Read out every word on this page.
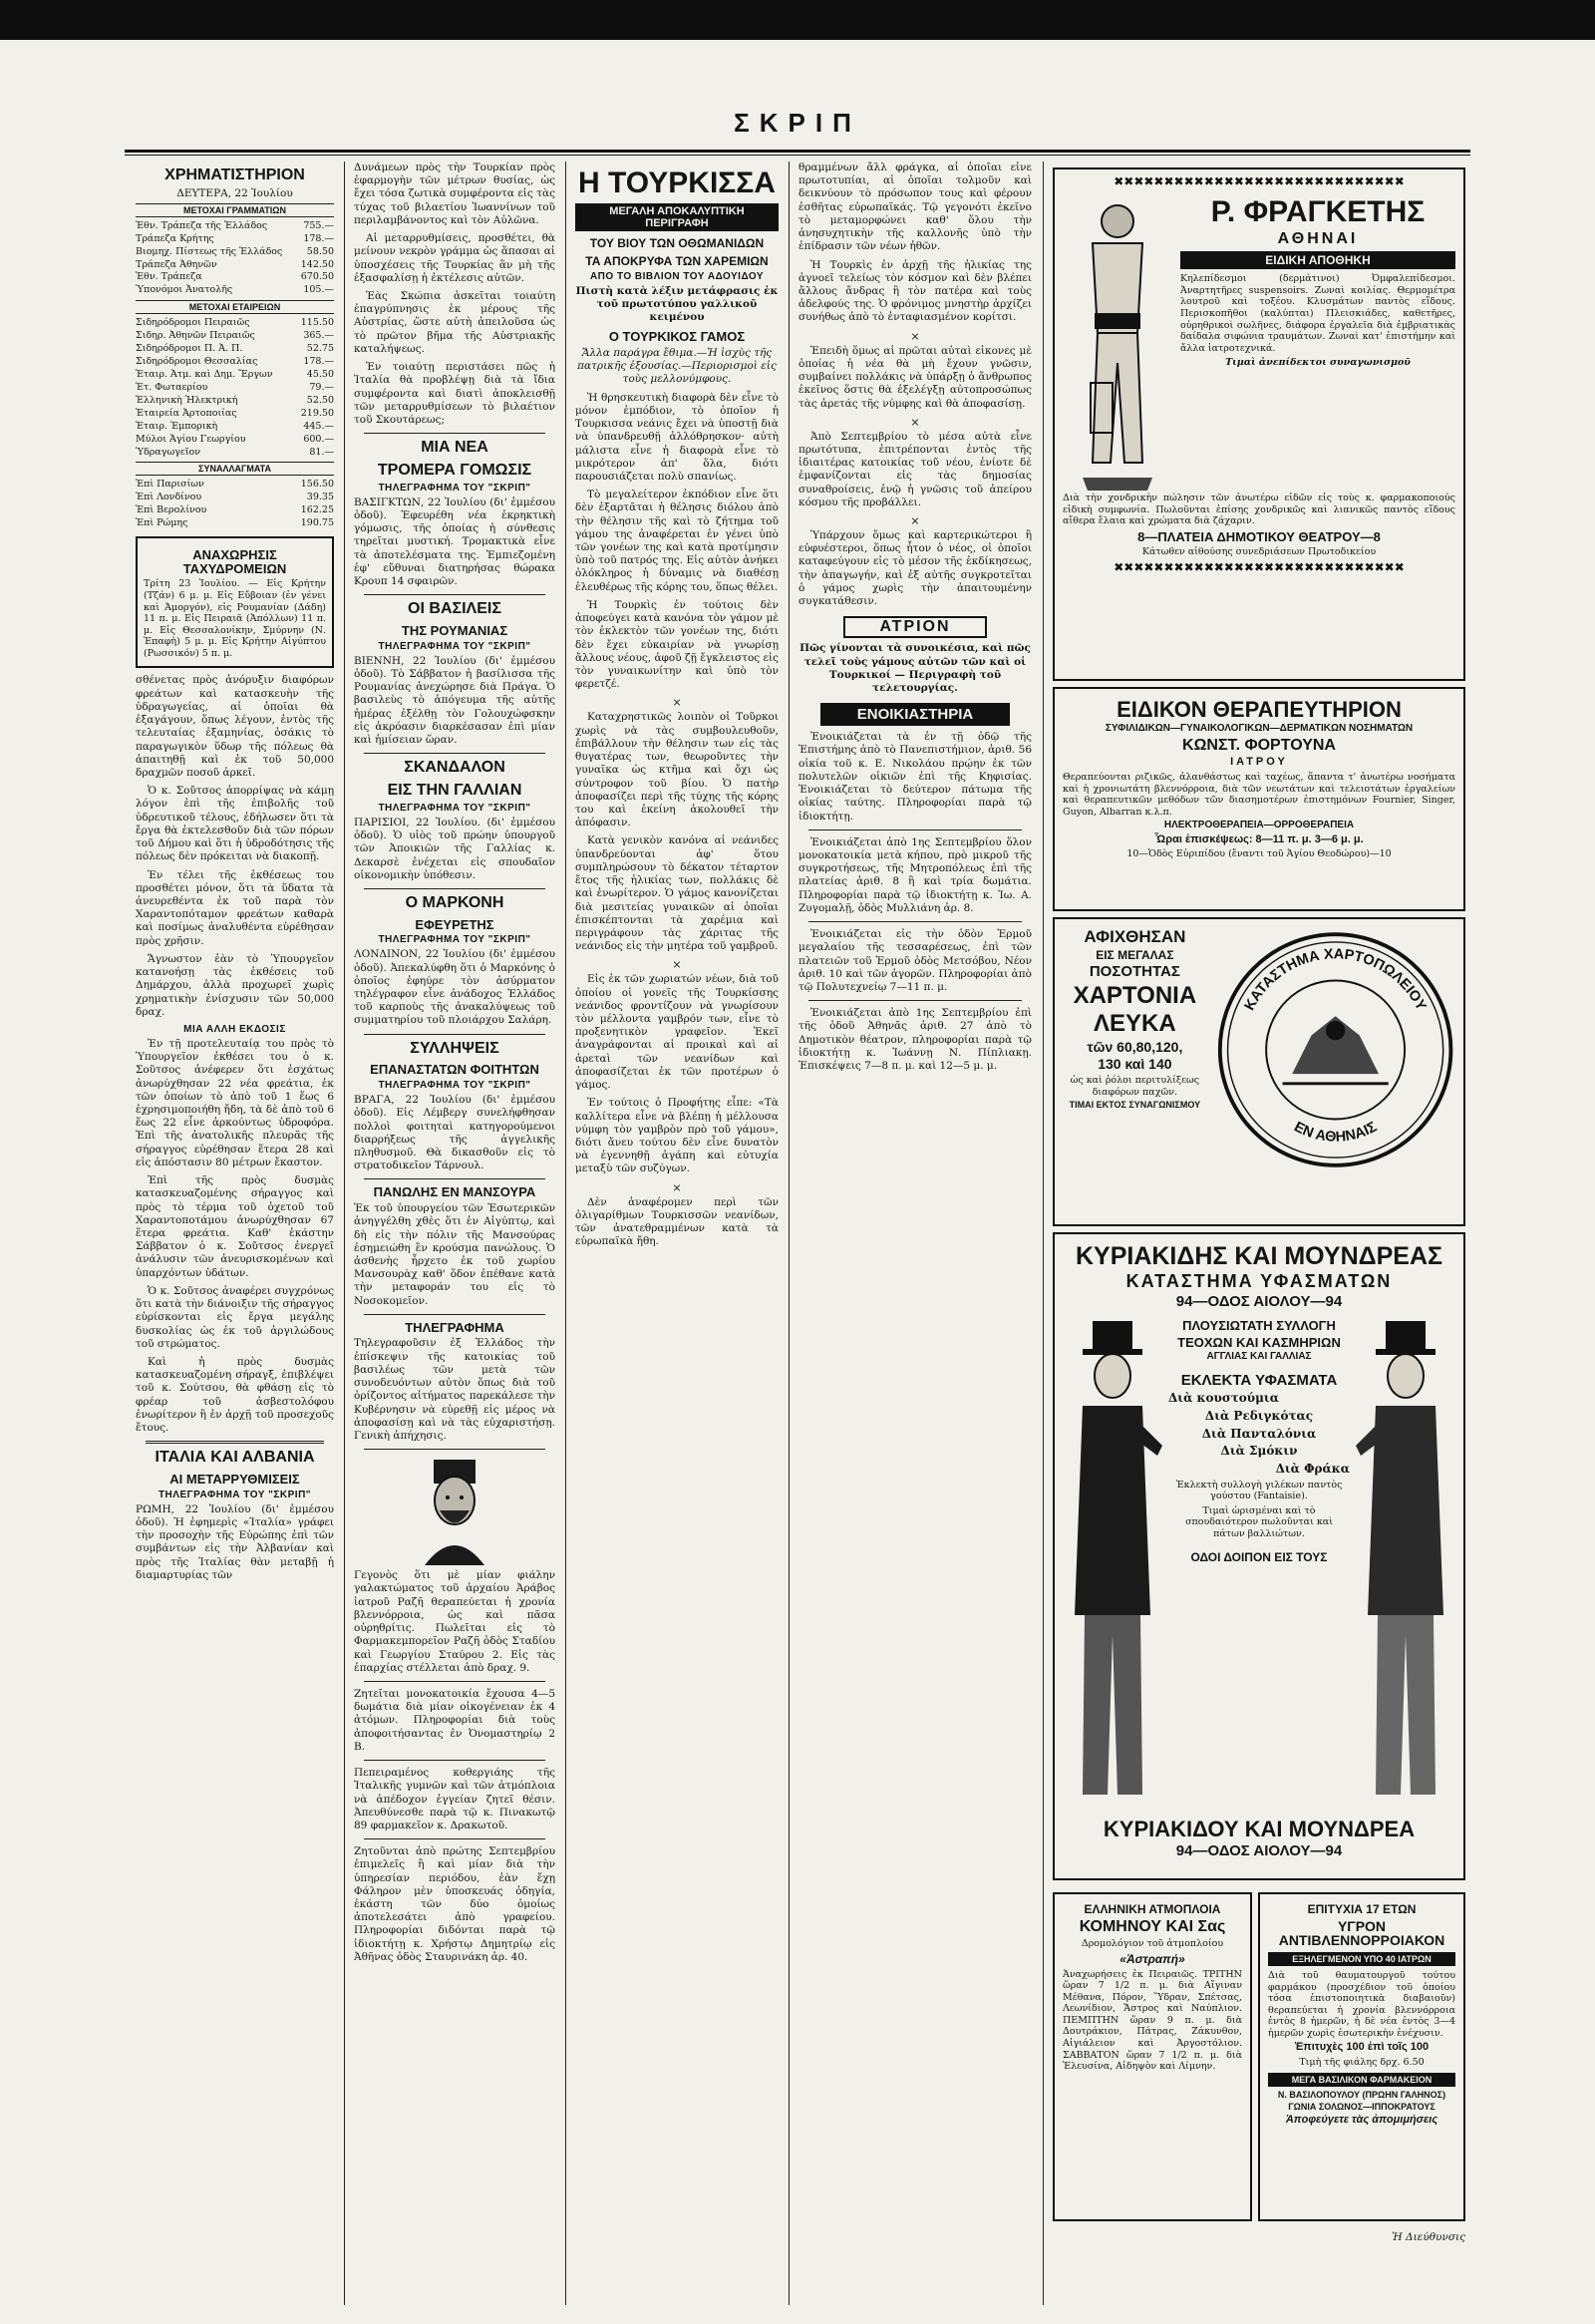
ΣΚΡΙΠ
ΧΡΗΜΑΤΙΣΤΗΡΙΟΝ
ΔΕΥΤΕΡΑ, 22 Ἰουλίου
ΜΕΤΟΧΑΙ ΓΡΑΜΜΑΤΙΩΝ
Ἐθν. Τράπεζα τῆς Ἑλλάδος	755.—
Τράπεζα Κρήτης	178.—
Βιομηχ. Πίστεως τῆς Ἑλλάδος	58.50
Τράπεζα Ἀθηνῶν	142.50
Ἐθν. Τράπεζα	670.50
Ὑπονόμοι Ἀνατολῆς	105.—
ΜΕΤΟΧΑΙ ΕΤΑΙΡΕΙΩΝ
Σιδηρόδρομοι Πειραιῶς	115.50
Σιδηρ. Ἀθηνῶν Πειραιῶς	365.—
Σιδηρόδρομοι Π. Ἀ. Π.	52.75
Σιδηρόδρομοι Θεσσαλίας	178.—
Ἑταιρ. Ἀτμ. καὶ Δημ. Ἔργων	45.50
Ἑτ. Φωταερίου	79.—
Ἑλληνικὴ Ἠλεκτρική	52.50
Ἑταιρεία Ἀρτοποιίας	219.50
Ἑταιρ. Ἐμπορικὴ	445.—
Μύλοι Ἀγίου Γεωργίου	600.—
Ὑδραγωγεῖον	81.—
ΣΥΝΑΛΛΑΓΜΑΤΑ
Ἐπὶ Παρισίων	156.50
Ἐπὶ Λονδίνου	39.35
Ἐπὶ Βερολίνου	162.25
Ἐπὶ Ρώμης	190.75
ΑΝΑΧΩΡΗΣΙΣ ΤΑΧΥΔΡΟΜΕΙΩΝ

Τρίτη 23 Ἰουλίου. — Εἰς Κρήτην (Τζάν) 6 μ. μ. Εἰς Εὔβοιαν (ἐν γένει καὶ Ἀμοργόν), εἰς Ρουμανίαν (Δάδη) 11 π. μ. Εἰς Πειραιᾶ (Ἀπόλλων) 11 π. μ. Εἰς Θεσσαλονίκην, Σμύρνην (Ν. Ἐπαφὴ) 5 μ. μ. Εἰς Κρήτην Αἰγύπτου (Ρωσσικόν) 5 π. μ.

σθένετας πρὸς ἀνόρυξιν διαφόρων φρεάτων καὶ κατασκευὴν τῆς ὑδραγωγείας, αἱ ὁποῖαι θὰ ἐξαγάγουν, ὅπως λέγουν, ἐντὸς τῆς τελευταίας ἑξαμηνίας, ὁσάκις τὸ παραγωγικὸν ὕδωρ τῆς πόλεως θὰ ἀπαιτηθῇ καὶ ἐκ τοῦ 50,000 δραχμῶν ποσοῦ ἀρκεῖ.

Ὁ κ. Σοῦτσος ἀπορρίψας νὰ κάμῃ λόγον ἐπὶ τῆς ἐπιβολῆς τοῦ ὑδρευτικοῦ τέλους, ἐδήλωσεν ὅτι τὰ ἔργα θὰ ἐκτελεσθοῦν διὰ τῶν πόρων τοῦ Δήμου καὶ ὅτι ἡ ὑδροδότησις τῆς πόλεως δὲν πρόκειται νὰ διακοπῇ.

Ἐν τέλει τῆς ἐκθέσεως του προσθέτει μόνον, ὅτι τὰ ὕδατα τὰ ἀνευρεθέντα ἐκ τοῦ παρὰ τὸν Χαραντοπόταμον φρεάτων καθαρὰ καὶ ποσίμως ἀναλυθέντα εὑρέθησαν πρὸς χρῆσιν.

Ἄγνωστον ἐὰν τὸ Ὑπουργεῖον κατανοήσῃ τὰς ἐκθέσεις τοῦ Δημάρχου, ἀλλὰ προχωρεῖ χωρὶς χρηματικὴν ἐνίσχυσιν τῶν 50,000 δραχ.

ΜΙΑ ΑΛΛΗ ΕΚΔΟΣΙΣ

Ἐν τῇ προτελευταίᾳ του πρὸς τὸ Ὑπουργεῖον ἐκθέσει του ὁ κ. Σοῦτσος ἀνέφερεν ὅτι ἐσχάτως ἀνωρύχθησαν 22 νέα φρεάτια, ἐκ τῶν ὁποίων τὸ ἀπὸ τοῦ 1 ἕως 6 ἐχρησιμοποιήθη ἤδη, τὰ δὲ ἀπὸ τοῦ 6 ἕως 22 εἶνε ἀρκούντως ὑδροφόρα. Ἐπὶ τῆς ἀνατολικῆς πλευρᾶς τῆς σήραγγος εὑρέθησαν ἕτερα 28 καὶ εἰς ἀπόστασιν 80 μέτρων ἔκαστον.

Ἐπὶ τῆς πρὸς δυσμὰς κατασκευαζομένης σήραγγος καὶ πρὸς τὸ τέρμα τοῦ ὀχετοῦ τοῦ Χαραντοποτάμου ἀνωρύχθησαν 67 ἕτερα φρεάτια. Καθ' ἑκάστην Σάββατον ὁ κ. Σοῦτσος ἐνεργεῖ ἀνάλυσιν τῶν ἀνευρισκομένων καὶ ὑπαρχόντων ὑδάτων.

Ὁ κ. Σοῦτσος ἀναφέρει συγχρόνως ὅτι κατὰ τὴν διάνοιξιν τῆς σήραγγος εὑρίσκονται εἰς ἔργα μεγάλης δυσκολίας ὡς ἐκ τοῦ ἀργιλώδους τοῦ στρώματος.

Καὶ ἡ πρὸς δυσμὰς κατασκευαζομένη σήραγξ, ἐπιβλέψει τοῦ κ. Σούτσου, θὰ φθάσῃ εἰς τὸ φρέαρ τοῦ ἀσβεστολόφου ἐνωρίτερον ἢ ἐν ἀρχῇ τοῦ προσεχοῦς ἔτους.

ΙΤΑΛΙΑ ΚΑΙ ΑΛΒΑΝΙΑ
ΑΙ ΜΕΤΑΡΡΥΘΜΙΣΕΙΣ
ΤΗΛΕΓΡΑΦΗΜΑ ΤΟΥ "ΣΚΡΙΠ"

ΡΩΜΗ, 22 Ἰουλίου (δι' ἐμμέσου ὁδοῦ). Ἡ ἐφημερὶς «Ἰταλία» γράφει τὴν προσοχὴν τῆς Εὐρώπης ἐπὶ τῶν συμβάντων εἰς τὴν Ἀλβανίαν καὶ πρὸς τῆς Ἰταλίας θὰν μεταβῇ ἡ διαμαρτυρίας τῶν

Δυνάμεων πρὸς τὴν Τουρκίαν πρὸς ἐφαρμογὴν τῶν μέτρων θυσίας, ὡς ἔχει τόσα ζωτικὰ συμφέροντα εἰς τὰς τύχας τοῦ βιλαετίου Ἰωαννίνων τοῦ περιλαμβάνοντος καὶ τὸν Αὐλῶνα.

Αἱ μεταρρυθμίσεις, προσθέτει, θὰ μείνουν νεκρὸν γράμμα ὡς ἅπασαι αἱ ὑποσχέσεις τῆς Τουρκίας ἂν μὴ τῆς ἐξασφαλίσῃ ἡ ἐκτέλεσις αὐτῶν.

Ἐὰς Σκώπια ἀσκεῖται τοιαύτη ἐπαγρύπνησις ἐκ μέρους τῆς Αὐστρίας, ὥστε αὐτὴ ἀπειλοῦσα ὡς τὸ πρῶτον βῆμα τῆς Αὐστριακῆς καταλήψεως.

Ἐν τοιαύτῃ περιστάσει πῶς ἡ Ἰταλία θὰ προβλέψῃ διὰ τὰ ἴδια συμφέροντα καὶ διατὶ ἀποκλεισθῇ τῶν μεταρρυθμίσεων τὸ βιλαέτιον τοῦ Σκουτάρεως;

ΜΙΑ ΝΕΑ
ΤΡΟΜΕΡΑ ΓΟΜΩΣΙΣ
ΤΗΛΕΓΡΑΦΗΜΑ ΤΟΥ "ΣΚΡΙΠ"

ΒΑΣΙΓΚΤΩΝ, 22 Ἰουλίου (δι' ἐμμέσου ὁδοῦ). Ἐφευρέθη νέα ἐκρηκτικὴ γόμωσις, τῆς ὁποίας ἡ σύνθεσις τηρεῖται μυστική. Τρομακτικὰ εἶνε τὰ ἀποτελέσματα της. Ἐμπιεζομένη ἐφ' εὔθυναι διατηρήσας θώρακα Κρουπ 14 σφαιρῶν.

ΟΙ ΒΑΣΙΛΕΙΣ
ΤΗΣ ΡΟΥΜΑΝΙΑΣ
ΤΗΛΕΓΡΑΦΗΜΑ ΤΟΥ "ΣΚΡΙΠ"

ΒΙΕΝΝΗ, 22 Ἰουλίου (δι' ἐμμέσου ὁδοῦ). Τὸ Σάββατον ἡ βασίλισσα τῆς Ρουμανίας ἀνεχώρησε διὰ Πράγα. Ὁ βασιλεὺς τὸ ἀπόγευμα τῆς αὐτῆς ἡμέρας ἐξέλθῃ τὸν Γολουχώφσκην εἰς ἀκρόασιν διαρκέσασαν ἐπὶ μίαν καὶ ἡμίσειαν ὥραν.

ΣΚΑΝΔΑΛΟΝ
ΕΙΣ ΤΗΝ ΓΑΛΛΙΑΝ
ΤΗΛΕΓΡΑΦΗΜΑ ΤΟΥ "ΣΚΡΙΠ"

ΠΑΡΙΣΙΟΙ, 22 Ἰουλίου. (δι' ἐμμέσου ὁδοῦ). Ὁ υἱὸς τοῦ πρώην ὑπουργοῦ τῶν Ἀποικιῶν τῆς Γαλλίας κ. Δεκαρσὲ ἐνέχεται εἰς σπουδαῖον οἰκονομικὴν ὑπόθεσιν.

Ο ΜΑΡΚΟΝΗ
ΕΦΕΥΡΕΤΗΣ
ΤΗΛΕΓΡΑΦΗΜΑ ΤΟΥ "ΣΚΡΙΠ"

ΛΟΝΔΙΝΟΝ, 22 Ἰουλίου (δι' ἐμμέσου ὁδοῦ). Ἀπεκαλύφθη ὅτι ὁ Μαρκόνης ὁ ὁποῖος ἐφηύρε τὸν ἀσύρματον τηλέγραφον εἶνε ἀνάδοχος Ἑλλάδος τοῦ καρποὺς τῆς ἀνακαλύψεως τοῦ συμματηρίου τοῦ πλοιάρχου Σαλάρη.

ΣΥΛΛΗΨΕΙΣ
ΕΠΑΝΑΣΤΑΤΩΝ ΦΟΙΤΗΤΩΝ
ΤΗΛΕΓΡΑΦΗΜΑ ΤΟΥ "ΣΚΡΙΠ"

ΒΡΑΓΑ, 22 Ἰουλίου (δι' ἐμμέσου ὁδοῦ). Εἰς Λέμβεργ συνελήφθησαν πολλοὶ φοιτηταὶ κατηγορούμενοι διαρρήξεως τῆς ἀγγελικῆς πληθυσμοῦ. Θὰ δικασθοῦν εἰς τὸ στρατοδικεῖον Τάρνουλ.

ΠΑΝΩΛΗΣ ΕΝ ΜΑΝΣΟΥΡΑ

Ἐκ τοῦ ὑπουργείου τῶν Ἐσωτερικῶν ἀνηγγέλθη χθὲς ὅτι ἐν Αἰγύπτῳ, καὶ δὴ εἰς τὴν πόλιν τῆς Μανσούρας ἐσημειώθη ἓν κρούσμα πανώλους. Ὁ ἀσθενὴς ἦρχετο ἐκ τοῦ χωρίου Μανσουρὰχ καθ' ὅδον ἐπέθανε κατὰ τὴν μεταφοράν του εἰς τὸ Νοσοκομεῖον.

ΤΗΛΕΓΡΑΦΗΜΑ

Τηλεγραφοῦσιν ἐξ Ἑλλάδος τὴν ἐπίσκεψιν τῆς κατοικίας τοῦ βασιλέως τῶν μετὰ τῶν συνοδευόντων αὐτὸν ὅπως διὰ τοῦ ὁρίζοντος αἰτήματος παρεκάλεσε τὴν Κυβέρνησιν νὰ εὑρεθῇ εἰς μέρος νὰ ἀποφασίσῃ καὶ νὰ τὰς εὐχαριστήσῃ. Γενικὴ ἀπήχησις.

Γεγονὸς ὅτι μὲ μίαν φιάλην γαλακτώματος τοῦ ἀρχαίου Ἀράβος ἰατροῦ Ραζῆ θεραπεύεται ἡ χρονία βλεννόρροια, ὡς καὶ πᾶσα οὐρηθρίτις. Πωλεῖται εἰς τὸ Φαρμακεμπορεῖον Ραζῆ ὁδὸς Σταδίου καὶ Γεωργίου Σταύρου 2. Εἰς τὰς ἐπαρχίας στέλλεται ἀπὸ δραχ. 9.

Ζητεῖται μονοκατοικία ἔχουσα 4—5 δωμάτια διὰ μίαν οἰκογένειαν ἐκ 4 ἀτόμων. Πληροφορίαι διὰ τοὺς ἀποφοιτήσαντας ἐν Ὀνομαστηρίῳ 2 Β.

Πεπειραμένος κοθεργιάης τῆς Ἰταλικῆς γυμνῶν καὶ τῶν ἀτμόπλοια νὰ ἀπέδοχον ἐγγείαν ζητεῖ θέσιν. Ἀπευθύνεσθε παρὰ τῷ κ. Πινακωτῷ 89 φαρμακεῖον κ. Δρακωτοῦ.

Ζητοῦνται ἀπὸ πρώτης Σεπτεμβρίου ἐπιμελεῖς ἢ καὶ μίαν διὰ τὴν ὑπηρεσίαν περιόδου, ἐὰν ἔχῃ Φάληρον μὲν ὑποσκευάς ὁδηγία, ἐκάστη τῶν δύο ὁμοίως ἀποτελεσάτει ἀπὸ γραφείου. Πληροφορίαι διδόνται παρὰ τῷ ἰδιοκτήτῃ κ. Χρήστῳ Δημητρίῳ εἰς Ἀθῆνας ὁδὸς Σταυρινάκη ἀρ. 40.

Η ΤΟΥΡΚΙΣΣΑ
ΜΕΓΑΛΗ ΑΠΟΚΑΛΥΠΤΙΚΗ ΠΕΡΙΓΡΑΦΗ
ΤΟΥ ΒΙΟΥ ΤΩΝ ΟΘΩΜΑΝΙΔΩΝ
ΤΑ ΑΠΟΚΡΥΦΑ ΤΩΝ ΧΑΡΕΜΙΩΝ
ΑΠΟ ΤΟ ΒΙΒΛΙΟΝ ΤΟΥ ΑΔΟΥΙΔΟΥ

Πιστὴ κατὰ λέξιν μετάφρασις ἐκ τοῦ πρωτοτύπου γαλλικοῦ κειμένου

Ο ΤΟΥΡΚΙΚΟΣ ΓΑΜΟΣ

Ἄλλα παράγρα ἔθιμα.—Ἡ ἰσχὺς τῆς πατρικῆς ἐξουσίας.—Περιορισμοὶ εἰς τοὺς μελλονύμφους.

Ἡ θρησκευτικὴ διαφορὰ δὲν εἶνε τὸ μόνον ἐμπόδιον, τὸ ὁποῖον ἡ Τουρκισσα νεάνις ἔχει νὰ ὑποστῇ διὰ νὰ ὑπανδρευθῇ ἀλλόθρησκον· αὐτὴ μάλιστα εἶνε ἡ διαφορὰ εἶνε τὸ μικρότερον ἀπ' ὅλα, διότι παρουσιάζεται πολὺ σπανίως.

Τὸ μεγαλείτερον ἐκπόδιον εἶνε ὅτι δὲν ἐξαρτᾶται ἡ θέλησις διόλου ἀπὸ τὴν θέλησιν τῆς καὶ τὸ ζήτημα τοῦ γάμου της ἀναφέρεται ἐν γένει ὑπὸ τῶν γονέων της καὶ κατὰ προτίμησιν ὑπὸ τοῦ πατρός της. Εἰς αὐτὸν ἀνήκει ὁλόκληρος ἡ δύναμις νὰ διαθέσῃ ἐλευθέρως τῆς κόρης του, ὅπως θέλει.

Ἡ Τουρκὶς ἐν τούτοις δὲν ἀποφεύγει κατὰ κανόνα τὸν γάμον μὲ τὸν ἐκλεκτὸν τῶν γονέων της, διότι δὲν ἔχει εὐκαιρίαν νὰ γνωρίσῃ ἄλλους νέους, ἀφοῦ ζῇ ἔγκλειστος εἰς τὸν γυναικωνίτην καὶ ὑπὸ τὸν φερετζέ.

×

Καταχρηστικῶς λοιπὸν οἱ Τοῦρκοι χωρὶς νὰ τὰς συμβουλευθοῦν, ἐπιβάλλουν τὴν θέλησιν των εἰς τὰς θυγατέρας των, θεωροῦντες τὴν γυναῖκα ὡς κτῆμα καὶ ὄχι ὡς σύντροφον τοῦ βίου. Ὁ πατὴρ ἀποφασίζει περὶ τῆς τύχης τῆς κόρης του καὶ ἐκείνη ἀκολουθεῖ τὴν ἀπόφασιν.

Κατὰ γενικὸν κανόνα αἱ νεάνιδες ὑπανδρεύονται ἀφ' ὅτου συμπληρώσουν τὸ δέκατον τέταρτον ἔτος τῆς ἡλικίας των, πολλάκις δὲ καὶ ἐνωρίτερον. Ὁ γάμος κανονίζεται διὰ μεσιτείας γυναικῶν αἱ ὁποῖαι ἐπισκέπτονται τὰ χαρέμια καὶ περιγράφουν τὰς χάριτας τῆς νεάνιδος εἰς τὴν μητέρα τοῦ γαμβροῦ.

×

Εἰς ἐκ τῶν χωριατών νέων, διὰ τοῦ ὁποίου οἱ γονεῖς τῆς Τουρκίσσης νεάνιδος φροντίζουν νὰ γνωρίσουν τὸν μέλλοντα γαμβρόν των, εἶνε τὸ προξενητικὸν γραφεῖον. Ἐκεῖ ἀναγράφονται αἱ προικαὶ καὶ αἱ ἀρεταὶ τῶν νεανίδων καὶ ἀποφασίζεται ἐκ τῶν προτέρων ὁ γάμος.

Ἐν τούτοις ὁ Προφήτης εἶπε: «Τὰ καλλίτερα εἶνε νὰ βλέπῃ ἡ μέλλουσα νύμφη τὸν γαμβρὸν πρὸ τοῦ γάμου», διότι ἄνευ τούτου δὲν εἶνε δυνατὸν νὰ ἐγεννηθῇ ἀγάπη καὶ εὐτυχία μεταξὺ τῶν συζύγων.

×

Δὲν ἀναφέρομεν περὶ τῶν ὀλιγαρίθμων Τουρκισσῶν νεανίδων, τῶν ἀνατεθραμμένων κατὰ τὰ εὐρωπαϊκὰ ἤθη.

θραμμένων ἄλλ φράγκα, αἱ ὁποῖαι εἶνε πρωτοτυπίαι, αἱ ὁποῖαι τολμοῦν καὶ δεικνύουν τὸ πρόσωπον τους καὶ φέρουν ἐσθῆτας εὐρωπαϊκάς. Τῷ γεγονότι ἐκεῖνο τὸ μεταμορφώνει καθ' ὅλου τὴν ἀνησυχητικὴν τῆς καλλονῆς ὑπὸ τὴν ἐπίδρασιν τῶν νέων ἠθῶν.

Ἡ Τουρκὶς ἐν ἀρχῇ τῆς ἡλικίας της ἀγνοεῖ τελείως τὸν κόσμον καὶ δὲν βλέπει ἄλλους ἄνδρας ἢ τὸν πατέρα καὶ τοὺς ἀδελφούς της. Ὁ φρόνιμος μνηστὴρ ἀρχίζει συνήθως ἀπὸ τὸ ἐνταφιασμένον κορίτσι.

×

Ἐπειδὴ ὅμως αἱ πρῶται αὐταὶ εἰκονες μὲ ὁποίας ἡ νέα θὰ μὴ ἔχουν γνῶσιν, συμβαίνει πολλάκις νὰ ὑπάρξῃ ὁ ἄνθρωπος ἐκεῖνος ὅστις θὰ ἐξελέγξῃ αὐτοπροσώπως τὰς ἀρετάς τῆς νύμφης καὶ θὰ ἀποφασίσῃ.

×

Ἀπὸ Σεπτεμβρίου τὸ μέσα αὐτὰ εἶνε πρωτότυπα, ἐπιτρέπονται ἐντὸς τῆς ἰδιαιτέρας κατοικίας τοῦ νέου, ἐνίοτε δὲ ἐμφανίζονται εἰς τὰς δημοσίας συναθροίσεις, ἐνῷ ἡ γνῶσις τοῦ ἀπείρου κόσμου τῆς προβάλλει.

×

Ὑπάρχουν ὅμως καὶ καρτερικώτεροι ἢ εὐφυέστεροι, ὅπως ἦτον ὁ νέος, οἱ ὁποῖοι καταφεύγουν εἰς τὸ μέσον τῆς ἐκδίκησεως, τὴν ἀπαγωγήν, καὶ ἐξ αὐτῆς συγκροτεῖται ὁ γάμος χωρὶς τὴν ἀπαιτουμένην συγκατάθεσιν.

ΑΤΡΙΟΝ

Πῶς γίνονται τὰ συνοικέσια, καὶ πῶς τελεῖ τοὺς γάμους αὐτῶν τῶν καὶ οἱ Τουρκικοί — Περιγραφὴ τοῦ τελετουργίας.

ΕΝΟΙΚΙΑΣΤΗΡΙΑ

Ἐνοικιάζεται τὰ ἐν τῇ ὁδῷ τῆς Ἐπιστήμης ἀπὸ τὸ Πανεπιστήμιον, ἀριθ. 56 οἰκία τοῦ κ. Ε. Νικολάου πρῴην ἐκ τῶν πολυτελῶν οἰκιῶν ἐπὶ τῆς Κηφισίας. Ἐνοικιάζεται τὸ δεύτερον πάτωμα τῆς οἰκίας ταύτης. Πληροφορίαι παρὰ τῷ ἰδιοκτήτῃ.

Ἐνοικιάζεται ἀπὸ 1ης Σεπτεμβρίου ὅλον μονοκατοικία μετὰ κήπου, πρὸ μικροῦ τῆς συγκροτήσεως, τῆς Μητροπόλεως ἐπὶ τῆς πλατείας ἀριθ. 8 ἢ καὶ τρία δωμάτια. Πληροφορίαι παρὰ τῷ ἰδιοκτήτῃ κ. Ἰω. Α. Ζυγομαλῇ, ὁδὸς Μυλλιάνη ἀρ. 8.

Ἐνοικιάζεται εἰς τὴν ὁδὸν Ἑρμοῦ μεγαλαίου τῆς τεσσαρέσεως, ἐπὶ τῶν πλατειῶν τοῦ Ἑρμοῦ ὁδὸς Μετσόβου, Νέον ἀριθ. 10 καὶ τῶν ἀγορῶν. Πληροφορίαι ἀπὸ τῷ Πολυτεχνείῳ 7—11 π. μ.

Ἐνοικιάζεται ἀπὸ 1ης Σεπτεμβρίου ἐπὶ τῆς ὁδοῦ Ἀθηνᾶς ἀριθ. 27 ἀπὸ τὸ Δημοτικὸν θέατρον, πληροφορίαι παρὰ τῷ ἰδιοκτήτῃ κ. Ἰωάννῃ Ν. Πίπλιακῃ. Ἐπισκέψεις 7—8 π. μ. καὶ 12—5 μ. μ.

✖✖✖✖✖✖✖✖✖✖✖✖✖✖✖✖✖✖✖✖✖✖✖✖✖✖✖✖✖
Ρ. ΦΡΑΓΚΕΤΗΣ
ΑΘΗΝΑΙ
ΕΙΔΙΚΗ ΑΠΟΘΗΚΗ

Κηλεπίδεσμοι (δερμάτινοι) Ὀμφαλεπίδεσμοι. Ἀναρτητῆρες suspensoirs. Ζωναὶ κοιλίας. Θερμομέτρα λουτροῦ καὶ τοξέου. Κλυσμάτων παντὸς εἴδους. Περισκοπῆθοι (καλύπται) Πλεισκιάδες, καθετῆρες, οὐρηθρικοὶ σωλῆνες, διάφορα ἐργαλεῖα διὰ ἐμβριατικὰς δαίδαλα σιφώνια τραυμάτων. Ζωναὶ κατ' ἐπιστήμην καὶ ἄλλα ἰατροτεχνικά.

Τιμαὶ ἀνεπίδεκτοι συναγωνισμοῦ

Διὰ τὴν χονδρικὴν πώλησιν τῶν ἀνωτέρω εἰδῶν εἰς τοὺς κ. φαρμακοποιούς εἰδικὴ συμφωνία. Πωλοῦνται ἐπίσης χονδρικῶς καὶ λιανικῶς παντὸς εἴδους αἴθερα ἔλαια καὶ χρώματα διὰ ζάχαριν.

8—ΠΛΑΤΕΙΑ ΔΗΜΟΤΙΚΟΥ ΘΕΑΤΡΟΥ—8

Κάτωθεν αἰθούσης συνεδριάσεων Πρωτοδικείου

✖✖✖✖✖✖✖✖✖✖✖✖✖✖✖✖✖✖✖✖✖✖✖✖✖✖✖✖✖
ΕΙΔΙΚΟΝ ΘΕΡΑΠΕΥΤΗΡΙΟΝ
ΣΥΦΙΛΙΔΙΚΩΝ—ΓΥΝΑΙΚΟΛΟΓΙΚΩΝ—ΔΕΡΜΑΤΙΚΩΝ ΝΟΣΗΜΑΤΩΝ
ΚΩΝΣΤ. ΦΟΡΤΟΥΝΑ
ΙΑΤΡΟΥ

Θεραπεύονται ριζικῶς, ἀλανθάστως καὶ ταχέως, ἅπαντα τ' ἀνωτέρω νοσήματα καὶ ἡ χρονιωτάτη βλεννόρροια, διὰ τῶν νεωτάτων καὶ τελειοτάτων ἐργαλείων καὶ θεραπευτικῶν μεθόδων τῶν διασημοτέρων ἐπιστημόνων Fournier, Singer, Guyon, Albarran κ.λ.π.

ΗΛΕΚΤΡΟΘΕΡΑΠΕΙΑ—ΟΡΡΟΘΕΡΑΠΕΙΑ
Ὧραι ἐπισκέψεως: 8—11 π. μ. 3—6 μ. μ.

10—Ὁδὸς Εὐριπίδου (ἔναντι τοῦ Ἁγίου Θεοδώρου)—10

ΑΦΙΧΘΗΣΑΝ
ΕΙΣ ΜΕΓΑΛΑΣ
ΠΟΣΟΤΗΤΑΣ
ΧΑΡΤΟΝΙΑ
ΛΕΥΚΑ
τῶν 60,80,120,
130 καὶ 140

ὡς καὶ ῥόλοι περιτυλίξεως διαφόρων παχῶν.

ΤΙΜΑΙ ΕΚΤΟΣ ΣΥΝΑΓΩΝΙΣΜΟΥ
ΚΑΤΑΣΤΗΜΑ ΧΑΡΤΟΠΩΛΕΙΟΥ
ΕΝ ΑΘΗΝΑΙΣ
ΚΥΡΙΑΚΙΔΗΣ ΚΑΙ ΜΟΥΝΔΡΕΑΣ
ΚΑΤΑΣΤΗΜΑ ΥΦΑΣΜΑΤΩΝ
94—ΟΔΟΣ ΑΙΟΛΟΥ—94
ΠΛΟΥΣΙΩΤΑΤΗ ΣΥΛΛΟΓΗ
ΤΕΟΧΩΝ ΚΑΙ ΚΑΣΜΗΡΙΩΝ
ΑΓΓΛΙΑΣ ΚΑΙ ΓΑΛΛΙΑΣ
ΕΚΛΕΚΤΑ ΥΦΑΣΜΑΤΑ

Διὰ κουστούμια

Διὰ Ρεδιγκότας

Διὰ Πανταλόνια

Διὰ Σμόκιν

Διὰ Φράκα

Ἐκλεκτὴ συλλογὴ γιλέκων παντὸς γούστου (Fantaisie).

Τιμαὶ ὡρισμέναι καὶ τὸ σπουδαιότερον πωλοῦνται καὶ πάτων βαλλιώτων.

ΟΔΟΙ ΔΟΙΠΟΝ ΕΙΣ ΤΟΥΣ
ΚΥΡΙΑΚΙΔΟΥ ΚΑΙ ΜΟΥΝΔΡΕΑ
94—ΟΔΟΣ ΑΙΟΛΟΥ—94
ΕΛΛΗΝΙΚΗ ΑΤΜΟΠΛΟΙΑ
ΚΟΜΗΝΟΥ ΚΑΙ Σας

Δρομολόγιον τοῦ ἀτμοπλοίου

«Ἀστραπή»

Ἀναχωρήσεις ἐκ Πειραιῶς. ΤΡΙΤΗΝ ὥραν 7 1/2 π. μ. διὰ Αἴγιναν Μέθανα, Πόρον, Ὕδραν, Σπέτσας, Λεωνίδιον, Ἄστρος καὶ Ναύπλιον. ΠΕΜΠΤΗΝ ὥραν 9 π. μ. διὰ Δουτράκιον, Πάτρας, Ζάκυνθον, Αἰγιάλειον καὶ Ἀργοστόλιον. ΣΑΒΒΑΤΟΝ ὥραν 7 1/2 π. μ. διὰ Ἐλευσίνα, Αἰδηψὸν καὶ Λίμνην.

ΕΠΙΤΥΧΙΑ 17 ΕΤΩΝ
ΥΓΡΟΝ ΑΝΤΙΒΛΕΝΝΟΡΡΟΙΑΚΟΝ
ΕΞΗΛΕΓΜΕΝΟΝ ΥΠΟ 40 ΙΑΤΡΩΝ

Διὰ τοῦ θαυματουργοῦ τούτου φαρμάκου (προσχέδιον τοῦ ὁποίου τόσα ἐπιστοποιητικὰ διαβαιοῦν) θεραπεύεται ἡ χρονία βλεννόρροια ἐντὸς 8 ἡμερῶν, ἡ δὲ νέα ἐντὸς 3—4 ἡμερῶν χωρὶς ἐσωτερικὴν ἐνέχυσιν.

Ἐπιτυχὲς 100 ἐπὶ τοῖς 100

Τιμὴ τῆς φιάλης δρχ. 6.50

ΜΕΓΑ ΒΑΣΙΛΙΚΟΝ ΦΑΡΜΑΚΕΙΟΝ
Ν. ΒΑΣΙΛΟΠΟΥΛΟΥ (ΠΡΩΗΝ ΓΑΛΗΝΟΣ)
ΓΩΝΙΑ ΣΟΛΩΝΟΣ—ΙΠΠΟΚΡΑΤΟΥΣ
Ἀποφεύγετε τὰς ἀπομιμήσεις
Ἡ Διεύθυνσις
